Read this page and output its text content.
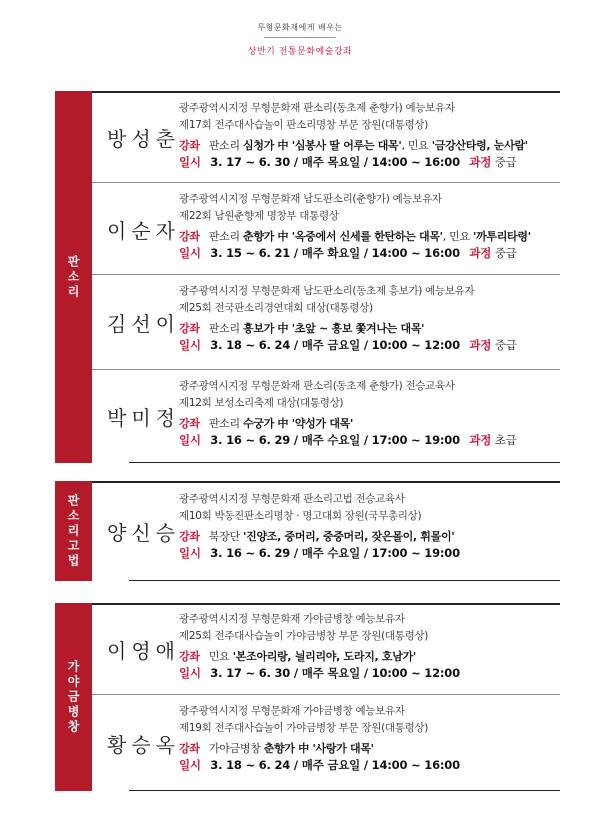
무형문화재에게 배우는
상반기 전통문화예술강좌
판소리
방성춘
광주광역시지정 무형문화재 판소리(동초제 춘향가) 예능보유자
제17회 전주대사습놀이 판소리명창 부문 장원(대통령상)
강좌 판소리 심청가 中 '심봉사 딸 어루는 대목', 민요 '금강산타령, 눈사람'
일시 3. 17 ~ 6. 30 / 매주 목요일 / 14:00 ~ 16:00 과정 중급
이순자
광주광역시지정 무형문화재 남도판소리(춘향가) 예능보유자
제22회 남원춘향제 명창부 대통령상
강좌 판소리 춘향가 中 '옥중에서 신세를 한탄하는 대목', 민요 '까투리타령'
일시 3. 15 ~ 6. 21 / 매주 화요일 / 14:00 ~ 16:00 과정 중급
김선이
광주광역시지정 무형문화재 남도판소리(동초제 흥보가) 예능보유자
제25회 전국판소리경연대회 대상(대통령상)
강좌 판소리 흥보가 中 '초앞 ~ 흥보 쫓겨나는 대목'
일시 3. 18 ~ 6. 24 / 매주 금요일 / 10:00 ~ 12:00 과정 중급
박미정
광주광역시지정 무형문화재 판소리(동초제 춘향가) 전승교육사
제12회 보성소리축제 대상(대통령상)
강좌 판소리 수궁가 中 '약성가 대목'
일시 3. 16 ~ 6. 29 / 매주 수요일 / 17:00 ~ 19:00 과정 초급
판소리고법 양신승
광주광역시지정 무형문화재 판소리고법 전승교육사
제10회 박동진판소리명창 · 명고대회 장원(국무총리상)
강좌 북장단 '진양조, 중머리, 중중머리, 잦은몰이, 휘몰이'
일시 3. 16 ~ 6. 29 / 매주 수요일 / 17:00 ~ 19:00
가야금병창
이영애
광주광역시지정 무형문화재 가야금병창 예능보유자
제25회 전주대사습놀이 가야금병창 부문 장원(대통령상)
강좌 민요 '본조아리랑, 늴리리야, 도라지, 호남가'
일시 3. 17 ~ 6. 30 / 매주 목요일 / 10:00 ~ 12:00
황승옥
광주광역시지정 무형문화재 가야금병창 예능보유자
제19회 전주대사습놀이 가야금병창 부문 장원(대통령상)
강좌 가야금병창 춘향가 中 '사랑가 대목'
일시 3. 18 ~ 6. 24 / 매주 금요일 / 14:00 ~ 16:00
